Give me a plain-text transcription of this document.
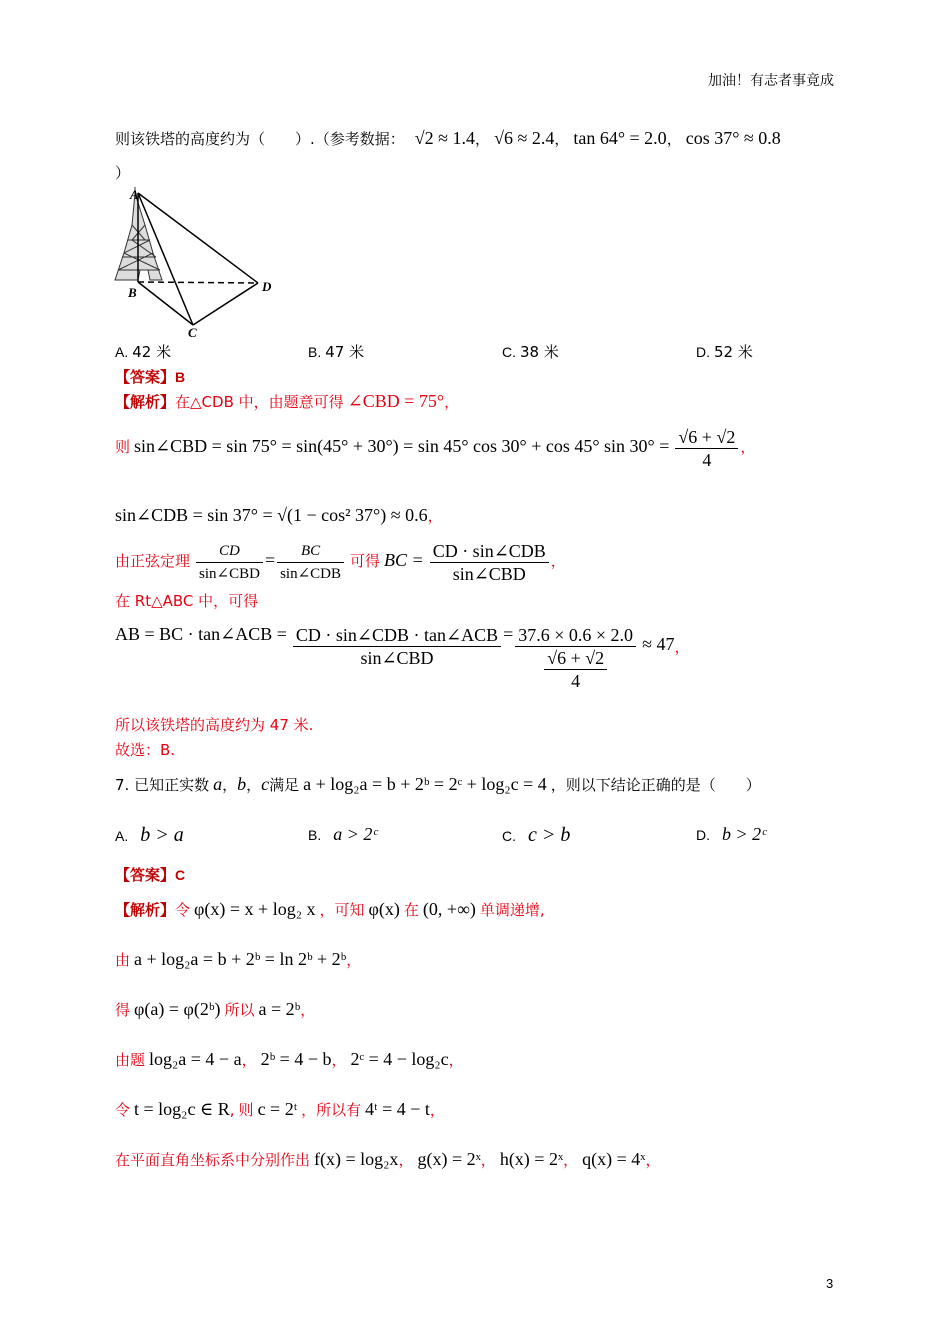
加油！有志者事竟成
则该铁塔的高度约为（　　）.（参考数据： √2 ≈ 1.4， √6 ≈ 2.4， tan 64° = 2.0， cos 37° ≈ 0.8
）
A
B
C
D
A. 42 米	B. 47 米	C. 38 米	D. 52 米
【答案】B
【解析】在△CDB 中，由题意可得 ∠CBD = 75°，
则 sin∠CBD = sin 75° = sin(45° + 30°) = sin 45° cos 30° + cos 45° $\sin 30^\circ = \frac{√6 + √2}{4}$ ，
sin∠CDB = sin 37° = √(1 − cos² 37°) ≈ 0.6，
由正弦定理 $\frac{CD}{\text{sin∠CBD}} = \frac{BC}{\text{sin∠CDB}}$ 可得 BC = $\frac{\text{CD · sin∠CDB}}{\text{sin∠CBD}}$ ，
在 Rt△ABC 中，可得
AB = BC · tan∠ACB = $\frac{\text{CD · sin∠CDB · tan∠ACB}}{\text{sin∠CBD}} = \frac{37.6 \times 0.6 \times 2.0}{\frac{√6 + √2}{4}} \approx 47$，
所以该铁塔的高度约为 47 米.
故选：B.
7. 已知正实数 a，b，c满足 a + log₂a = b + 2ᵇ = 2ᶜ + log₂c = 4 ，则以下结论正确的是（　　）
A. b > a	B. a > 2ᶜ	C. c > b	D. b > 2ᶜ
【答案】C
【解析】令 φ(x) = x + log₂ x ，可知 φ(x) 在 (0, +∞) 单调递增,
由 a + log₂a = b + 2ᵇ = ln 2ᵇ + 2ᵇ，
得 φ(a) = φ(2ᵇ) 所以 a = 2ᵇ，
由题 log₂a = 4 − a， 2ᵇ = 4 − b， 2ᶜ = 4 − log₂c，
令 t = log₂c ∈ R, 则 c = 2ᵗ ，所以有 4ᵗ = 4 − t，
在平面直角坐标系中分别作出 f(x) = log₂x， g(x) = 2ˣ， h(x) = 2ˣ， q(x) = 4ˣ，
3
